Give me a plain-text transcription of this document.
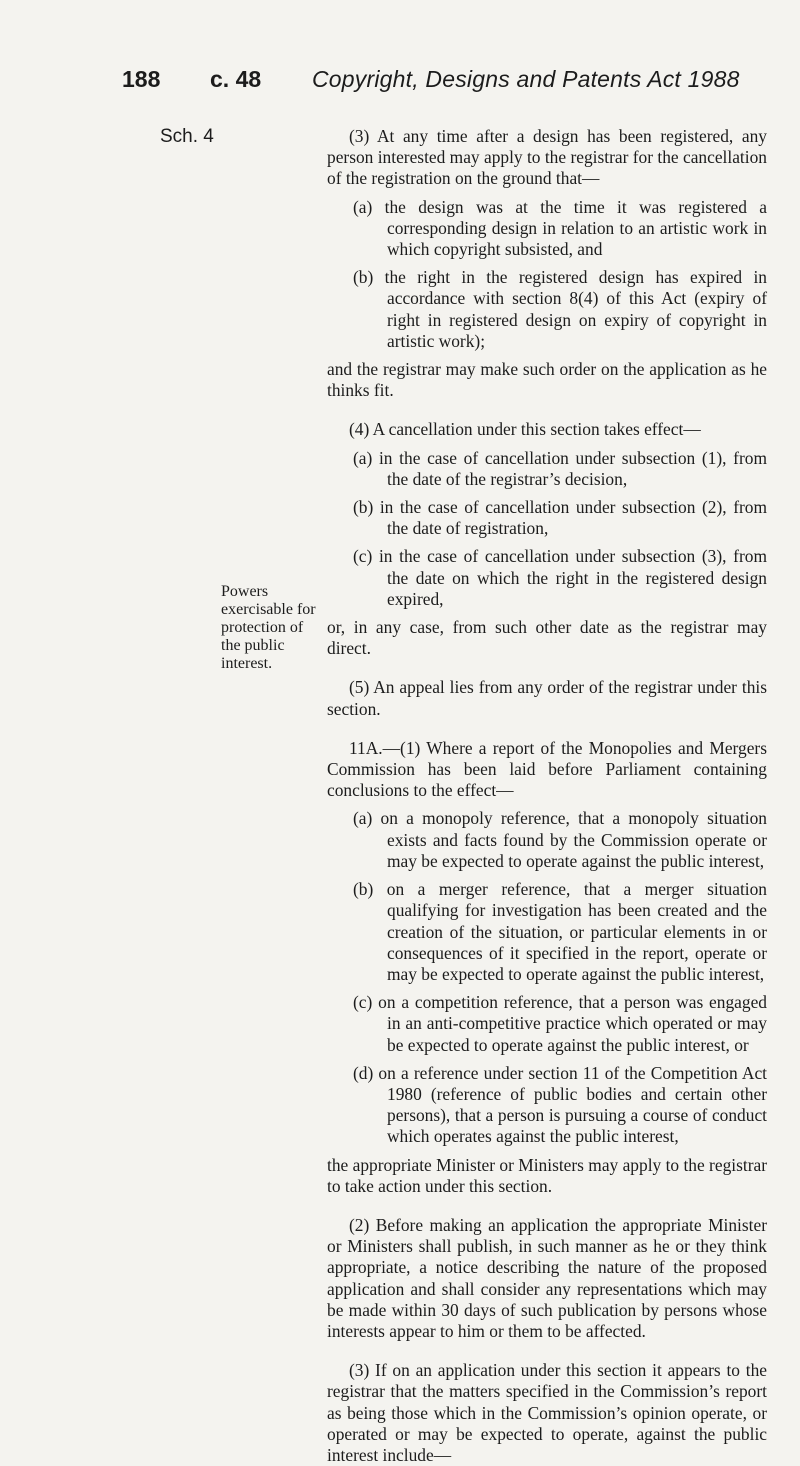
188 c. 48 Copyright, Designs and Patents Act 1988
Sch. 4
Powers exercisable for protection of the public interest.

(3) At any time after a design has been registered, any person interested may apply to the registrar for the cancellation of the registration on the ground that—

(a) the design was at the time it was registered a corresponding design in relation to an artistic work in which copyright subsisted, and

(b) the right in the registered design has expired in accordance with section 8(4) of this Act (expiry of right in registered design on expiry of copyright in artistic work);

and the registrar may make such order on the application as he thinks fit.

(4) A cancellation under this section takes effect—

(a) in the case of cancellation under subsection (1), from the date of the registrar’s decision,

(b) in the case of cancellation under subsection (2), from the date of registration,

(c) in the case of cancellation under subsection (3), from the date on which the right in the registered design expired,

or, in any case, from such other date as the registrar may direct.

(5) An appeal lies from any order of the registrar under this section.

11A.—(1) Where a report of the Monopolies and Mergers Commission has been laid before Parliament containing conclusions to the effect—

(a) on a monopoly reference, that a monopoly situation exists and facts found by the Commission operate or may be expected to operate against the public interest,

(b) on a merger reference, that a merger situation qualifying for investigation has been created and the creation of the situation, or particular elements in or consequences of it specified in the report, operate or may be expected to operate against the public interest,

(c) on a competition reference, that a person was engaged in an anti-competitive practice which operated or may be expected to operate against the public interest, or

(d) on a reference under section 11 of the Competition Act 1980 (reference of public bodies and certain other persons), that a person is pursuing a course of conduct which operates against the public interest,

the appropriate Minister or Ministers may apply to the registrar to take action under this section.

(2) Before making an application the appropriate Minister or Ministers shall publish, in such manner as he or they think appropriate, a notice describing the nature of the proposed application and shall consider any representations which may be made within 30 days of such publication by persons whose interests appear to him or them to be affected.

(3) If on an application under this section it appears to the registrar that the matters specified in the Commission’s report as being those which in the Commission’s opinion operate, or operated or may be expected to operate, against the public interest include—
